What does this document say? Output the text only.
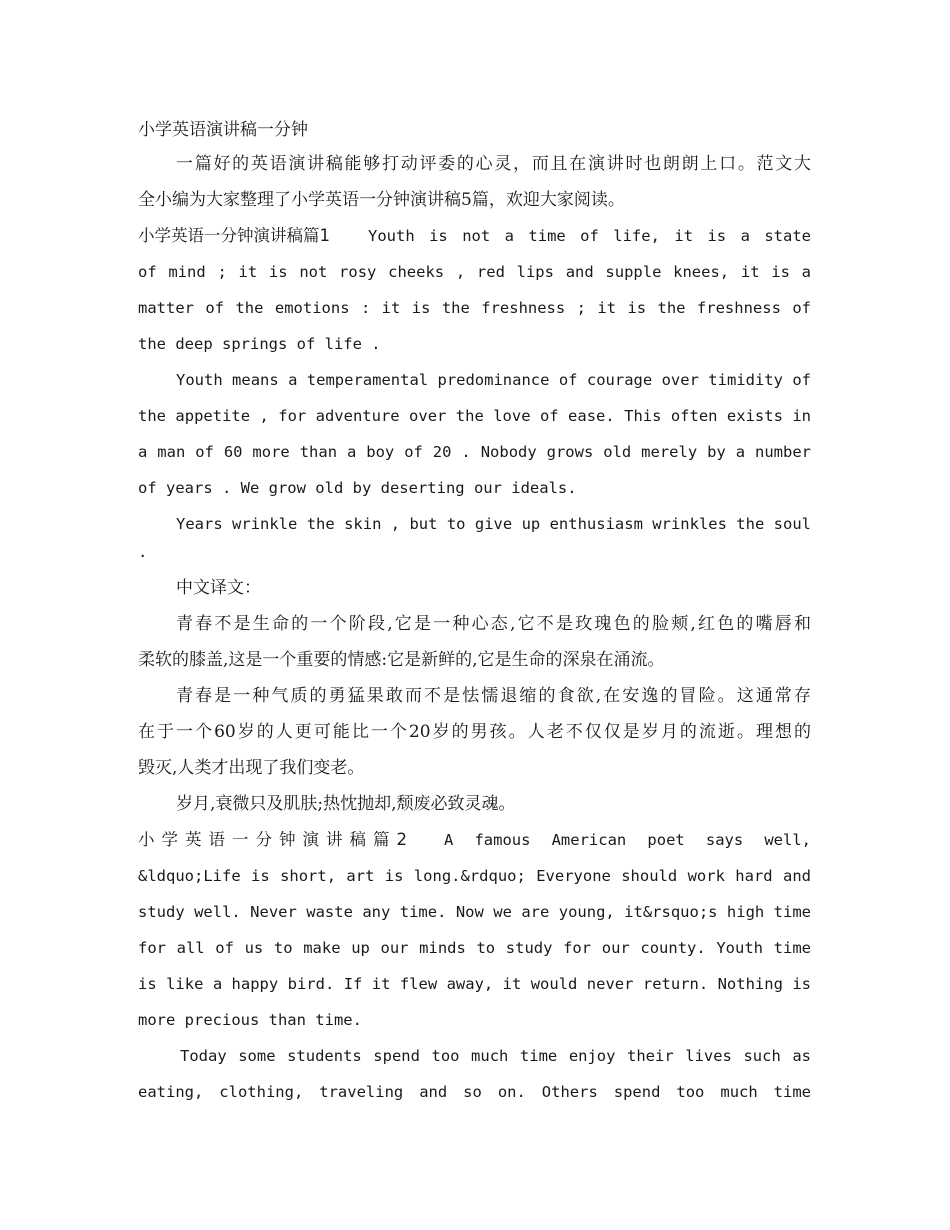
小学英语演讲稿一分钟
一篇好的英语演讲稿能够打动评委的心灵，而且在演讲时也朗朗上口。范文大
全小编为大家整理了小学英语一分钟演讲稿5篇，欢迎大家阅读。
小学英语一分钟演讲稿篇1 Youth is not a time of life, it is a state
of mind ; it is not rosy cheeks , red lips and supple knees, it is a
matter of the emotions : it is the freshness ; it is the freshness of
the deep springs of life .
Youth means a temperamental predominance of courage over timidity of
the appetite , for adventure over the love of ease. This often exists in
a man of 60 more than a boy of 20 . Nobody grows old merely by a number
of years . We grow old by deserting our ideals.
Years wrinkle the skin , but to give up enthusiasm wrinkles the soul
.
中文译文：
青春不是生命的一个阶段,它是一种心态,它不是玫瑰色的脸颊,红色的嘴唇和
柔软的膝盖,这是一个重要的情感:它是新鲜的,它是生命的深泉在涌流。
青春是一种气质的勇猛果敢而不是怯懦退缩的食欲,在安逸的冒险。这通常存
在于一个60岁的人更可能比一个20岁的男孩。人老不仅仅是岁月的流逝。理想的
毁灭,人类才出现了我们变老。
岁月,衰微只及肌肤;热忱抛却,颓废必致灵魂。
小学英语一分钟演讲稿篇2 A famous American poet says well,
&ldquo;Life is short, art is long.&rdquo; Everyone should work hard and
study well. Never waste any time. Now we are young, it&rsquo;s high time
for all of us to make up our minds to study for our county. Youth time
is like a happy bird. If it flew away, it would never return. Nothing is
more precious than time.
Today some students spend too much time enjoy their lives such as
eating, clothing, traveling and so on. Others spend too much time
